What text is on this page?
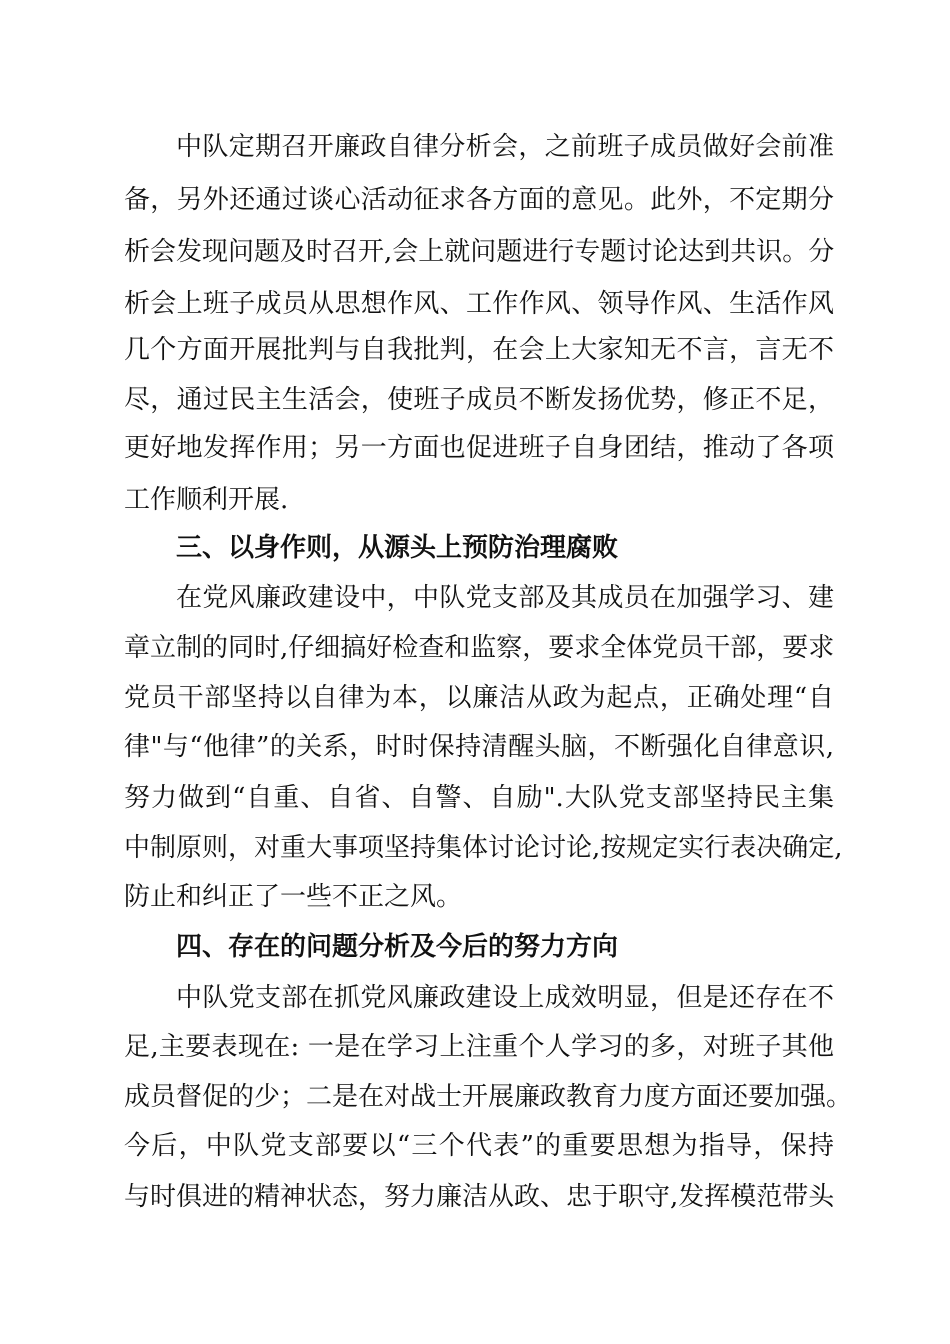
中队定期召开廉政自律分析会，之前班子成员做好会前准
备，另外还通过谈心活动征求各方面的意见。此外，不定期分
析会发现问题及时召开,会上就问题进行专题讨论达到共识。分
析会上班子成员从思想作风、工作作风、领导作风、生活作风
几个方面开展批判与自我批判，在会上大家知无不言，言无不
尽，通过民主生活会，使班子成员不断发扬优势，修正不足，
更好地发挥作用；另一方面也促进班子自身团结，推动了各项
工作顺利开展.
三、以身作则，从源头上预防治理腐败
在党风廉政建设中，中队党支部及其成员在加强学习、建
章立制的同时,仔细搞好检查和监察，要求全体党员干部，要求
党员干部坚持以自律为本，以廉洁从政为起点，正确处理“自
律"与“他律”的关系，时时保持清醒头脑，不断强化自律意识,
努力做到“自重、自省、自警、自励".大队党支部坚持民主集
中制原则，对重大事项坚持集体讨论讨论,按规定实行表决确定,
防止和纠正了一些不正之风。
四、存在的问题分析及今后的努力方向
中队党支部在抓党风廉政建设上成效明显，但是还存在不
足,主要表现在: 一是在学习上注重个人学习的多，对班子其他
成员督促的少；二是在对战士开展廉政教育力度方面还要加强。
今后，中队党支部要以“三个代表”的重要思想为指导，保持
与时俱进的精神状态，努力廉洁从政、忠于职守,发挥模范带头
